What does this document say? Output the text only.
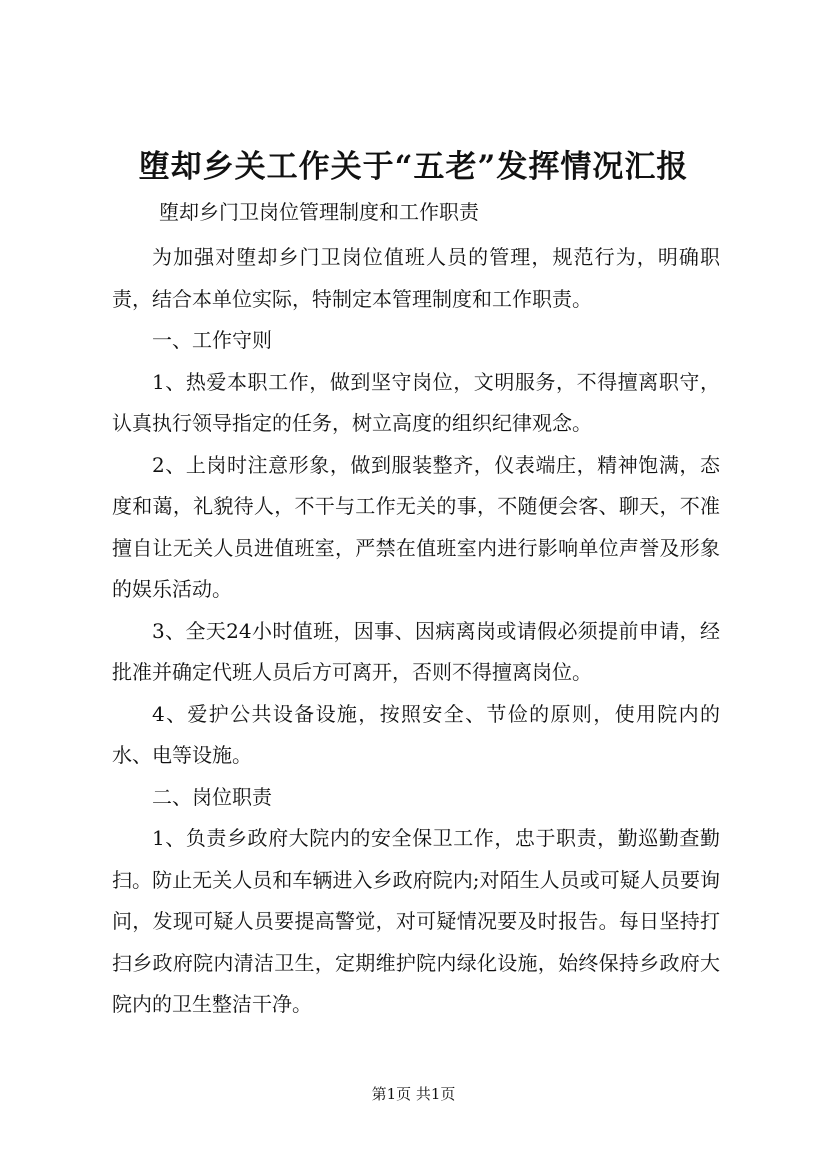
堕却乡关工作关于“五老”发挥情况汇报
堕却乡门卫岗位管理制度和工作职责

为加强对堕却乡门卫岗位值班人员的管理，规范行为，明确职责，结合本单位实际，特制定本管理制度和工作职责。

一、工作守则

1、热爱本职工作，做到坚守岗位，文明服务，不得擅离职守，认真执行领导指定的任务，树立高度的组织纪律观念。

2、上岗时注意形象，做到服装整齐，仪表端庄，精神饱满，态度和蔼，礼貌待人，不干与工作无关的事，不随便会客、聊天，不准擅自让无关人员进值班室，严禁在值班室内进行影响单位声誉及形象的娱乐活动。

3、全天24小时值班，因事、因病离岗或请假必须提前申请，经批准并确定代班人员后方可离开，否则不得擅离岗位。

4、爱护公共设备设施，按照安全、节俭的原则，使用院内的水、电等设施。

二、岗位职责

1、负责乡政府大院内的安全保卫工作，忠于职责，勤巡勤查勤扫。防止无关人员和车辆进入乡政府院内;对陌生人员或可疑人员要询问，发现可疑人员要提高警觉，对可疑情况要及时报告。每日坚持打扫乡政府院内清洁卫生，定期维护院内绿化设施，始终保持乡政府大院内的卫生整洁干净。

第1页 共1页
